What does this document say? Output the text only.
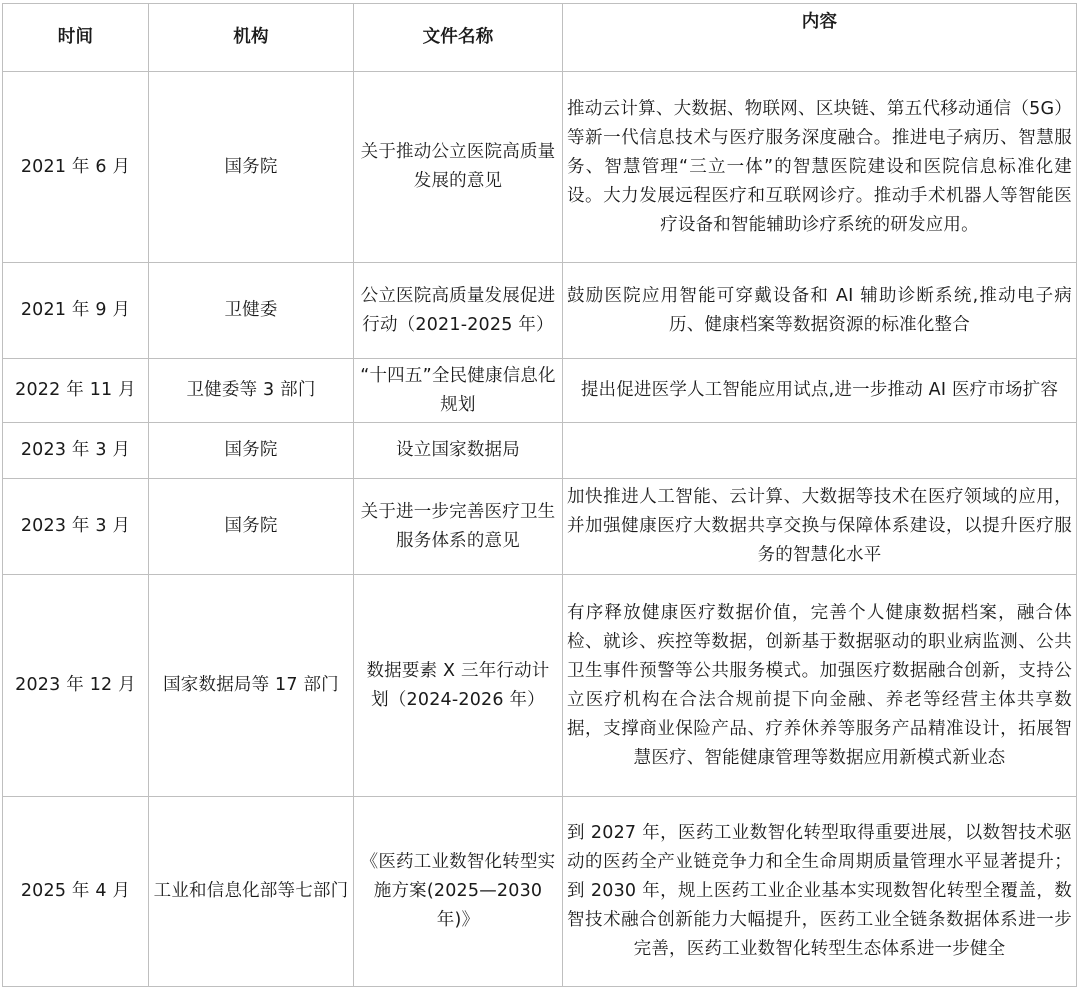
时间	机构	文件名称	内容
2021 年 6 月	国务院	关于推动公立医院高质量发展的意见	推动云计算、大数据、物联网、区块链、第五代移动通信（5G）等新一代信息技术与医疗服务深度融合。推进电子病历、智慧服务、智慧管理“三立一体”的智慧医院建设和医院信息标准化建设。大力发展远程医疗和互联网诊疗。推动手术机器人等智能医疗设备和智能辅助诊疗系统的研发应用。

2021 年 9 月	卫健委	公立医院高质量发展促进行动（2021-2025 年）	鼓励医院应用智能可穿戴设备和 AI 辅助诊断系统,推动电子病历、健康档案等数据资源的标准化整合

2022 年 11 月	卫健委等 3 部门	“十四五”全民健康信息化规划	提出促进医学人工智能应用试点,进一步推动 AI 医疗市场扩容

2023 年 3 月	国务院	设立国家数据局	

2023 年 3 月	国务院	关于进一步完善医疗卫生服务体系的意见	加快推进人工智能、云计算、大数据等技术在医疗领域的应用，并加强健康医疗大数据共享交换与保障体系建设，以提升医疗服务的智慧化水平

2023 年 12 月	国家数据局等 17 部门	数据要素 X 三年行动计划（2024-2026 年）	有序释放健康医疗数据价值，完善个人健康数据档案，融合体检、就诊、疾控等数据，创新基于数据驱动的职业病监测、公共卫生事件预警等公共服务模式。加强医疗数据融合创新，支持公立医疗机构在合法合规前提下向金融、养老等经营主体共享数据，支撑商业保险产品、疗养休养等服务产品精准设计，拓展智慧医疗、智能健康管理等数据应用新模式新业态

2025 年 4 月	工业和信息化部等七部门	《医药工业数智化转型实施方案(2025—2030 年)》	到 2027 年，医药工业数智化转型取得重要进展，以数智技术驱动的医药全产业链竞争力和全生命周期质量管理水平显著提升；到 2030 年，规上医药工业企业基本实现数智化转型全覆盖，数智技术融合创新能力大幅提升，医药工业全链条数据体系进一步完善，医药工业数智化转型生态体系进一步健全
